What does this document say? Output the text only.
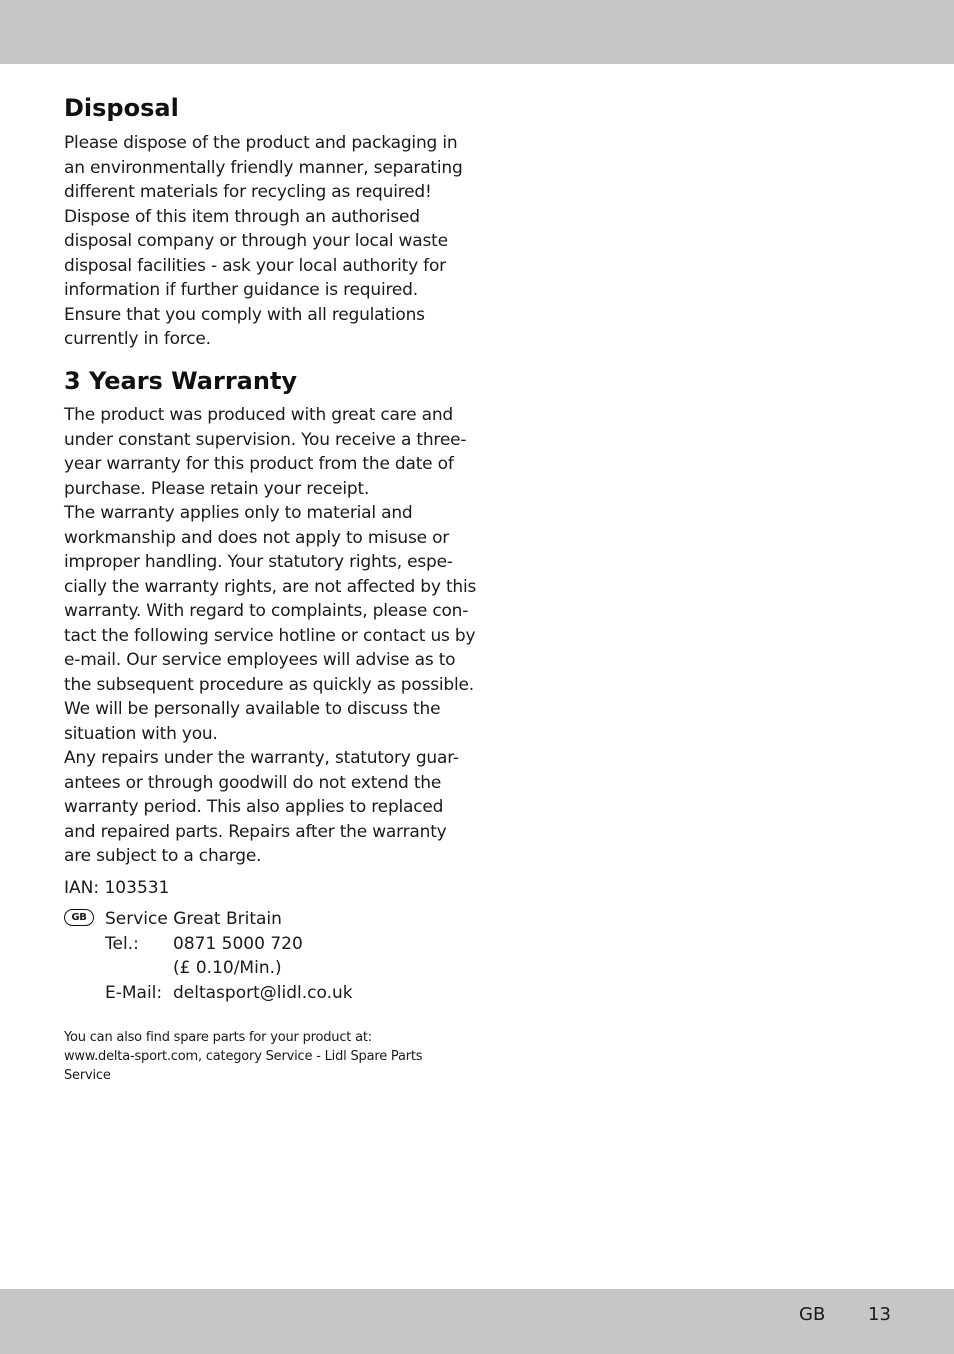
Disposal
Please dispose of the product and packaging in
an environmentally friendly manner, separating
different materials for recycling as required!
Dispose of this item through an authorised
disposal company or through your local waste
disposal facilities - ask your local authority for
information if further guidance is required.
Ensure that you comply with all regulations
currently in force.
3 Years Warranty
The product was produced with great care and
under constant supervision. You receive a three-
year warranty for this product from the date of
purchase. Please retain your receipt.
The warranty applies only to material and
workmanship and does not apply to misuse or
improper handling. Your statutory rights, espe-
cially the warranty rights, are not affected by this
warranty. With regard to complaints, please con-
tact the following service hotline or contact us by
e-mail. Our service employees will advise as to
the subsequent procedure as quickly as possible.
We will be personally available to discuss the
situation with you.
Any repairs under the warranty, statutory guar-
antees or through goodwill do not extend the
warranty period. This also applies to replaced
and repaired parts. Repairs after the warranty
are subject to a charge.
IAN: 103531
GB	Service Great Britain
Tel.: 0871 5000 720
(£ 0.10/Min.)
E-Mail: deltasport@lidl.co.uk
You can also find spare parts for your product at:
www.delta-sport.com, category Service - Lidl Spare Parts
Service
GB 13
